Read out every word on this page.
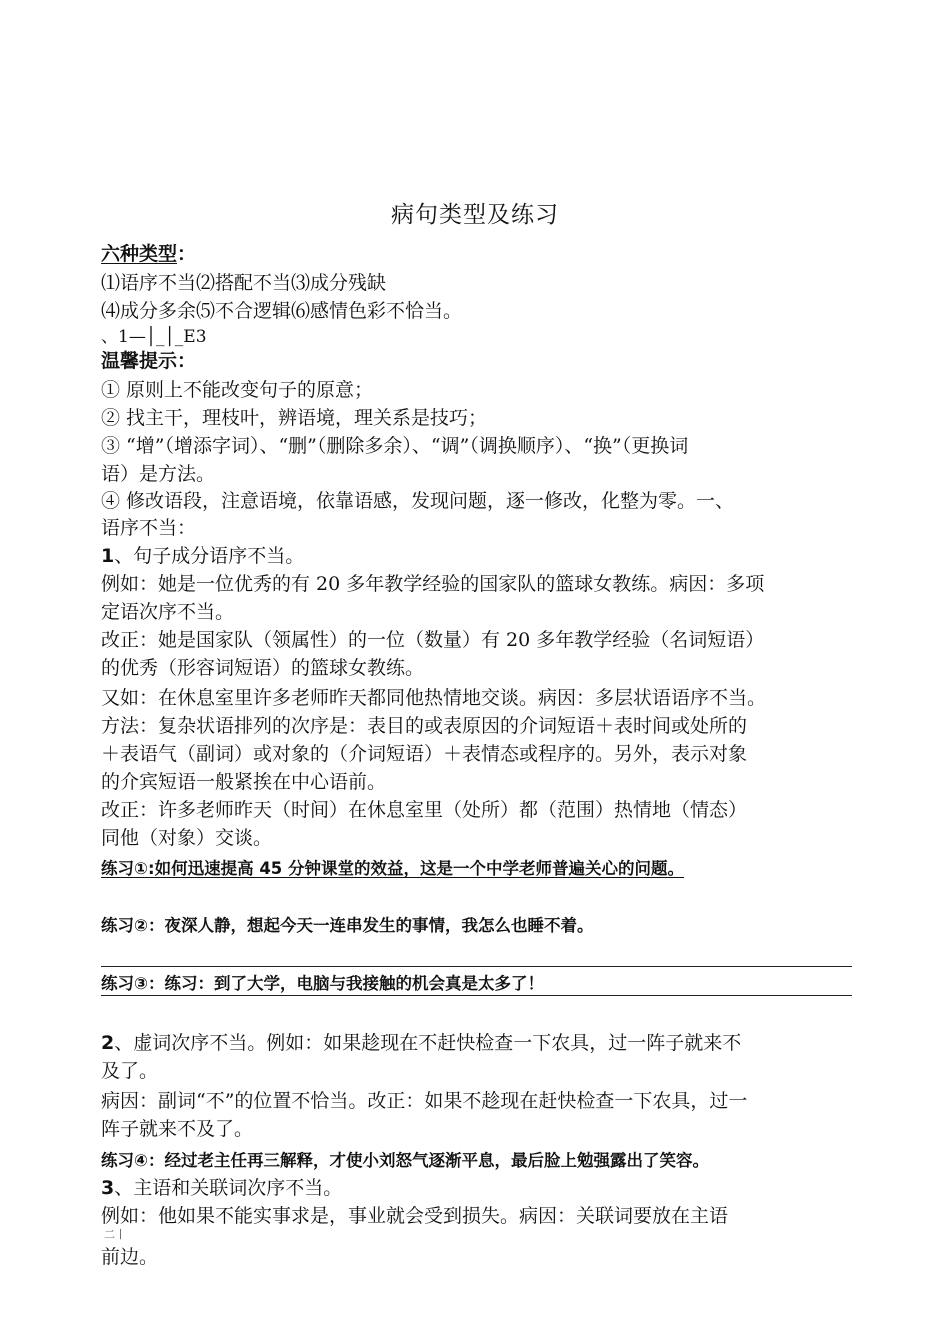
病句类型及练习
六种类型：
⑴语序不当⑵搭配不当⑶成分残缺
⑷成分多余⑸不合逻辑⑹感情色彩不恰当。
、1—│_│_E3
温馨提示：
① 原则上不能改变句子的原意；
② 找主干，理枝叶，辨语境，理关系是技巧；
③ “增”（增添字词）、“删”（删除多余）、“调”（调换顺序）、“换”（更换词
语）是方法。
④ 修改语段，注意语境，依靠语感，发现问题，逐一修改，化整为零。一、
语序不当：
1、句子成分语序不当。
例如：她是一位优秀的有 20 多年教学经验的国家队的篮球女教练。病因：多项
定语次序不当。
改正：她是国家队（领属性）的一位（数量）有 20 多年教学经验（名词短语）
的优秀（形容词短语）的篮球女教练。
又如：在休息室里许多老师昨天都同他热情地交谈。病因：多层状语语序不当。
方法：复杂状语排列的次序是：表目的或表原因的介词短语＋表时间或处所的
＋表语气（副词）或对象的（介词短语）＋表情态或程序的。另外，表示对象
的介宾短语一般紧挨在中心语前。
改正：许多老师昨天（时间）在休息室里（处所）都（范围）热情地（情态）
同他（对象）交谈。
练习①:如何迅速提高 45 分钟课堂的效益，这是一个中学老师普遍关心的问题。
练习②：夜深人静，想起今天一连串发生的事情，我怎么也睡不着。
练习③：练习：到了大学，电脑与我接触的机会真是太多了！
2、虚词次序不当。例如：如果趁现在不赶快检查一下农具，过一阵子就来不
及了。
病因：副词“不”的位置不恰当。改正：如果不趁现在赶快检查一下农具，过一
阵子就来不及了。
练习④：经过老主任再三解释，才使小刘怒气逐渐平息，最后脸上勉强露出了笑容。
3、主语和关联词次序不当。
例如：他如果不能实事求是，事业就会受到损失。病因：关联词要放在主语
二丨
前边。
